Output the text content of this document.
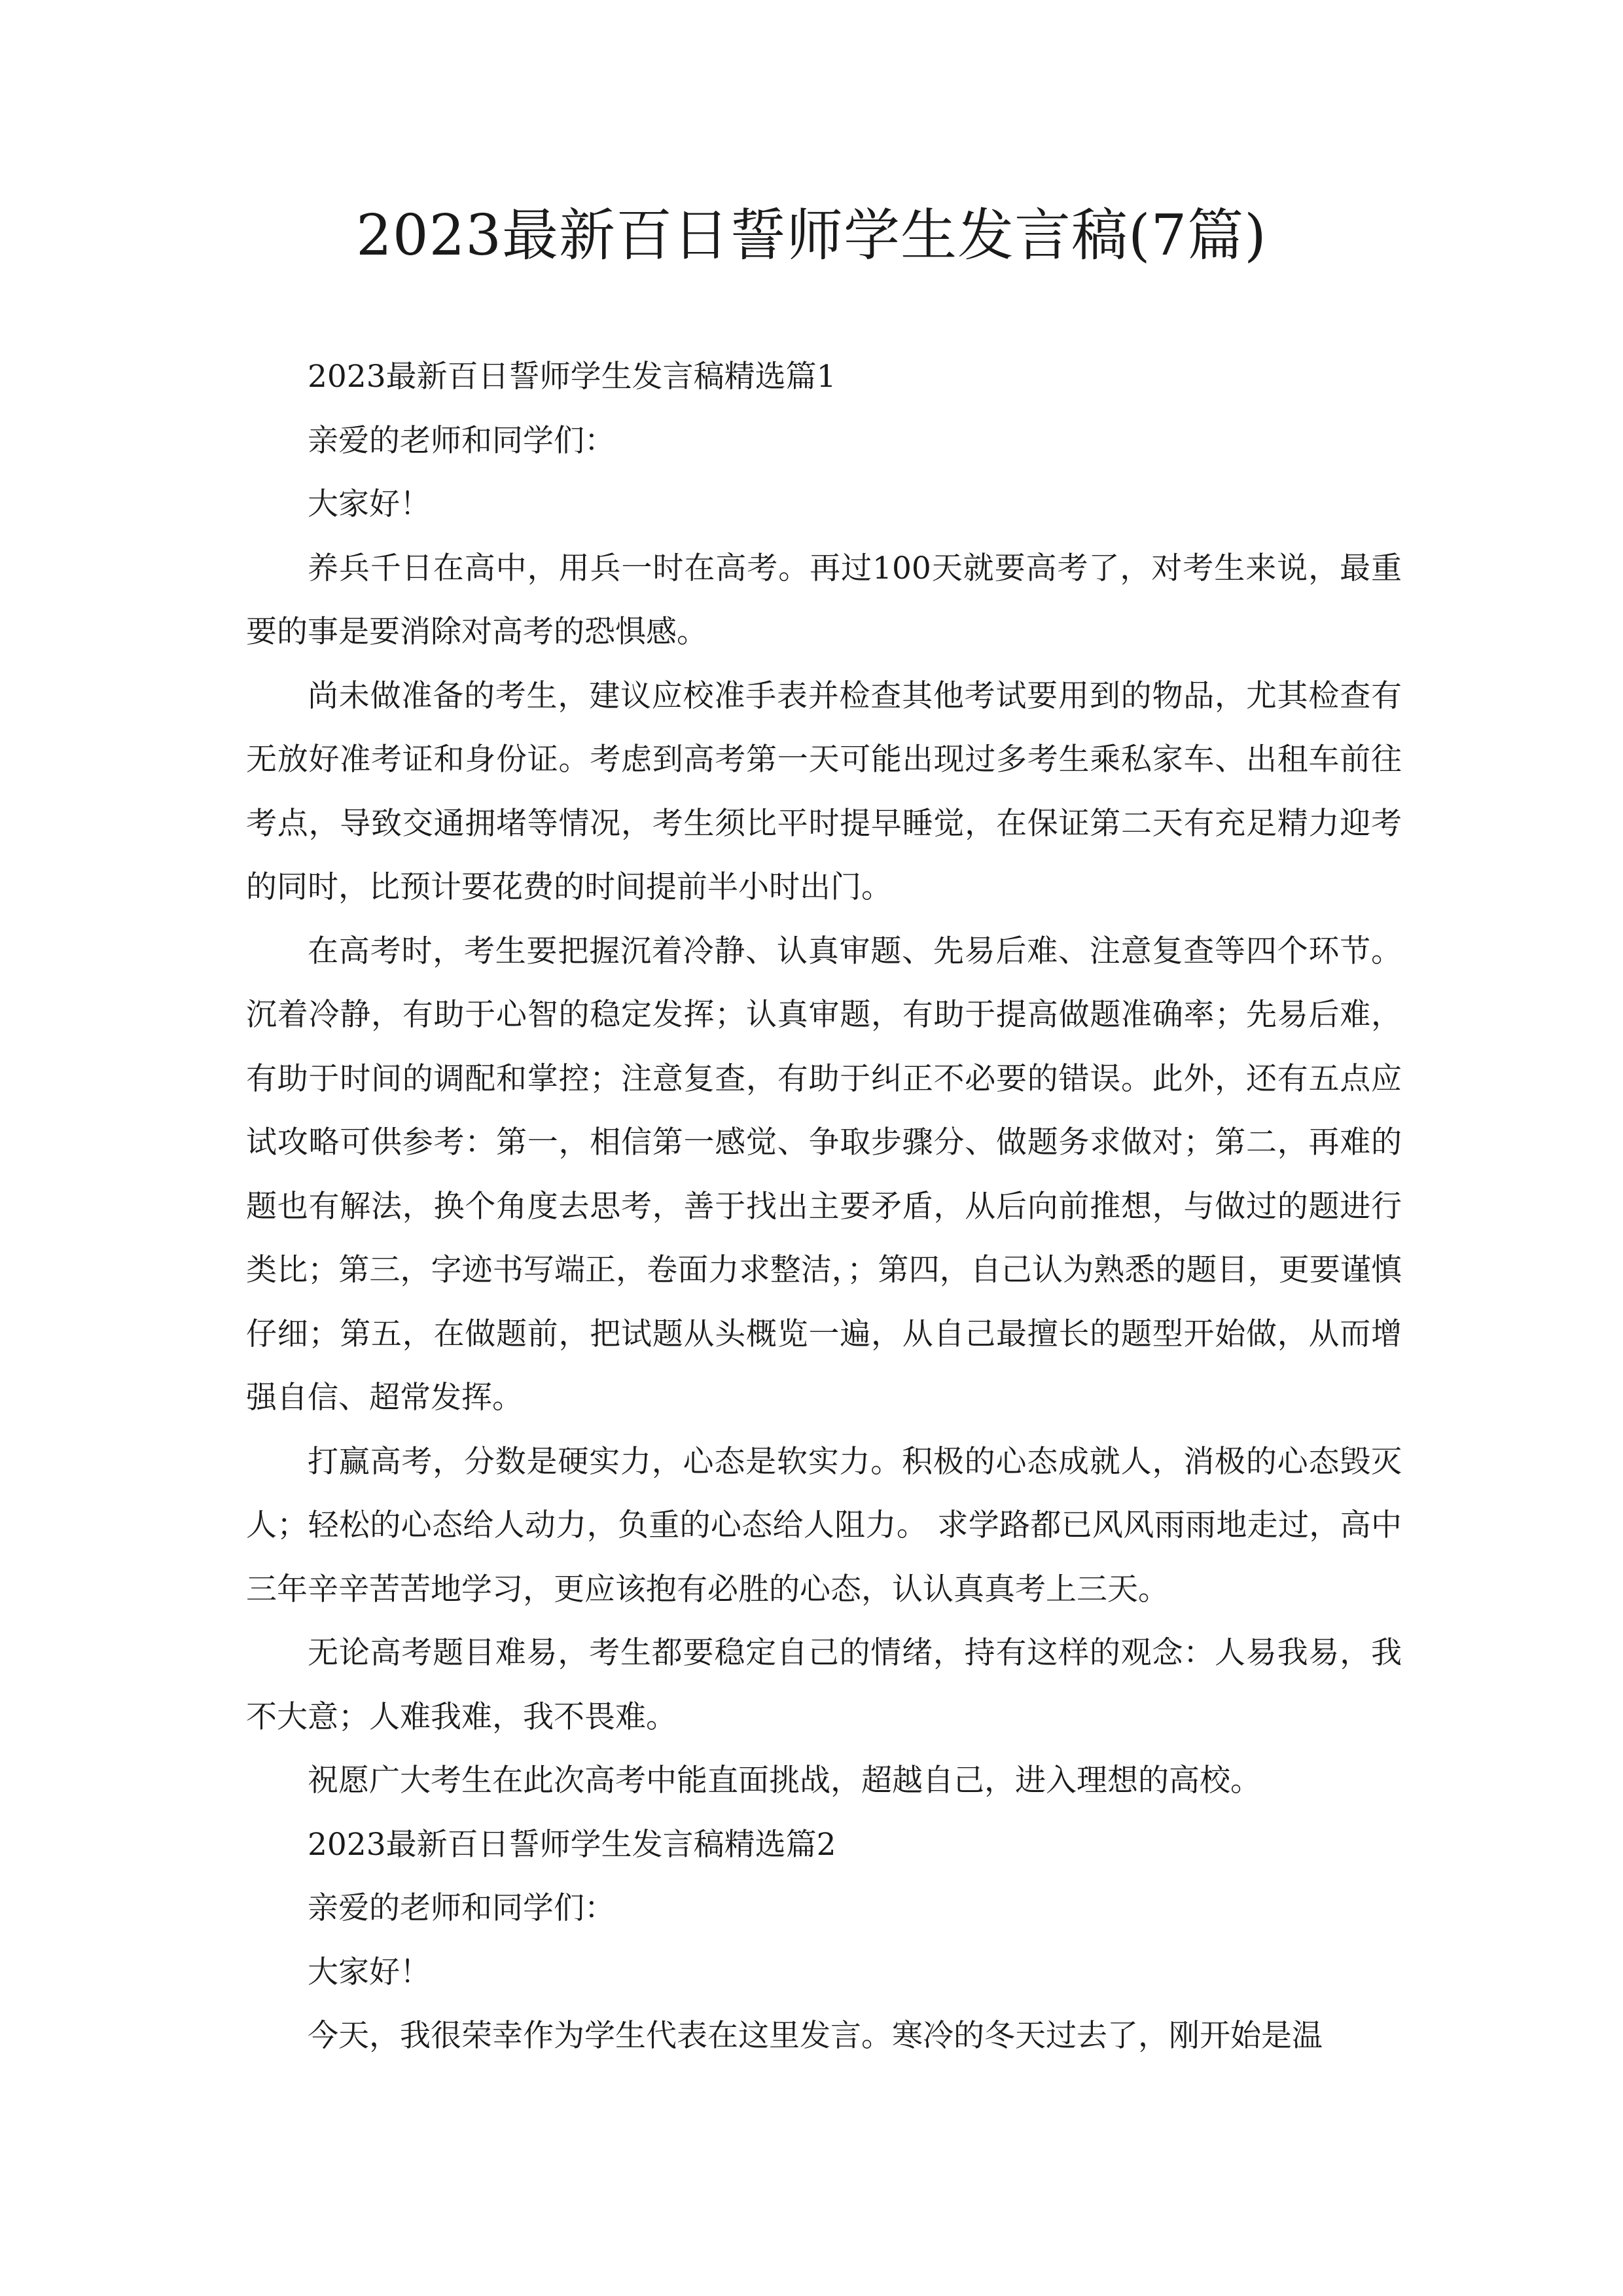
2023最新百日誓师学生发言稿(7篇)

2023最新百日誓师学生发言稿精选篇1

亲爱的老师和同学们：

大家好！

养兵千日在高中，用兵一时在高考。再过100天就要高考了，对考生来说，最重要的事是要消除对高考的恐惧感。

尚未做准备的考生，建议应校准手表并检查其他考试要用到的物品，尤其检查有无放好准考证和身份证。考虑到高考第一天可能出现过多考生乘私家车、出租车前往考点，导致交通拥堵等情况，考生须比平时提早睡觉，在保证第二天有充足精力迎考的同时，比预计要花费的时间提前半小时出门。

在高考时，考生要把握沉着冷静、认真审题、先易后难、注意复查等四个环节。沉着冷静，有助于心智的稳定发挥；认真审题，有助于提高做题准确率；先易后难，有助于时间的调配和掌控；注意复查，有助于纠正不必要的错误。此外，还有五点应试攻略可供参考：第一，相信第一感觉、争取步骤分、做题务求做对；第二，再难的题也有解法，换个角度去思考，善于找出主要矛盾，从后向前推想，与做过的题进行类比；第三，字迹书写端正，卷面力求整洁，；第四，自己认为熟悉的题目，更要谨慎仔细；第五，在做题前，把试题从头概览一遍，从自己最擅长的题型开始做，从而增强自信、超常发挥。

打赢高考，分数是硬实力，心态是软实力。积极的心态成就人，消极的心态毁灭人；轻松的心态给人动力，负重的心态给人阻力。 求学路都已风风雨雨地走过，高中三年辛辛苦苦地学习，更应该抱有必胜的心态，认认真真考上三天。

无论高考题目难易，考生都要稳定自己的情绪，持有这样的观念：人易我易，我不大意；人难我难，我不畏难。

祝愿广大考生在此次高考中能直面挑战，超越自己，进入理想的高校。

2023最新百日誓师学生发言稿精选篇2

亲爱的老师和同学们：

大家好！

今天，我很荣幸作为学生代表在这里发言。寒冷的冬天过去了，刚开始是温
